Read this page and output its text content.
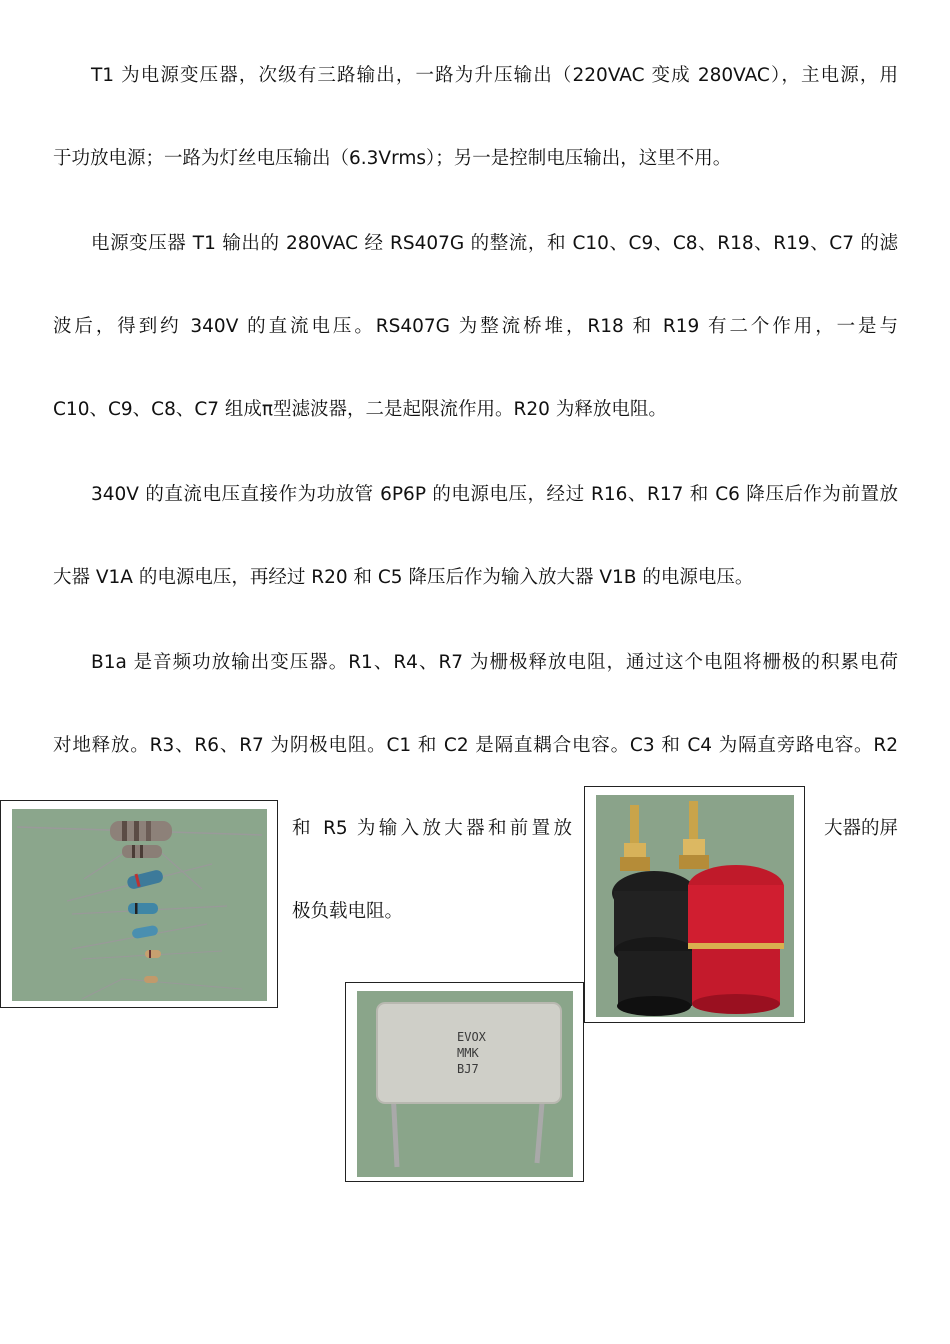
T1 为电源变压器，次级有三路输出，一路为升压输出（220VAC 变成 280VAC），主电源，用
于功放电源；一路为灯丝电压输出（6.3Vrms）；另一是控制电压输出，这里不用。
电源变压器 T1 输出的 280VAC 经 RS407G 的整流，和 C10、C9、C8、R18、R19、C7 的滤
波后，得到约 340V 的直流电压。RS407G 为整流桥堆，R18 和 R19 有二个作用，一是与
C10、C9、C8、C7 组成π型滤波器，二是起限流作用。R20 为释放电阻。
340V 的直流电压直接作为功放管 6P6P 的电源电压，经过 R16、R17 和 C6 降压后作为前置放
大器 V1A 的电源电压，再经过 R20 和 C5 降压后作为输入放大器 V1B 的电源电压。
B1a 是音频功放输出变压器。R1、R4、R7 为栅极释放电阻，通过这个电阻将栅极的积累电荷
对地释放。R3、R6、R7 为阴极电阻。C1 和 C2 是隔直耦合电容。C3 和 C4 为隔直旁路电容。R2
和 R5 为输入放大器和前置放	大器的屏
极负载电阻。
EVOX
MMK
BJ7
